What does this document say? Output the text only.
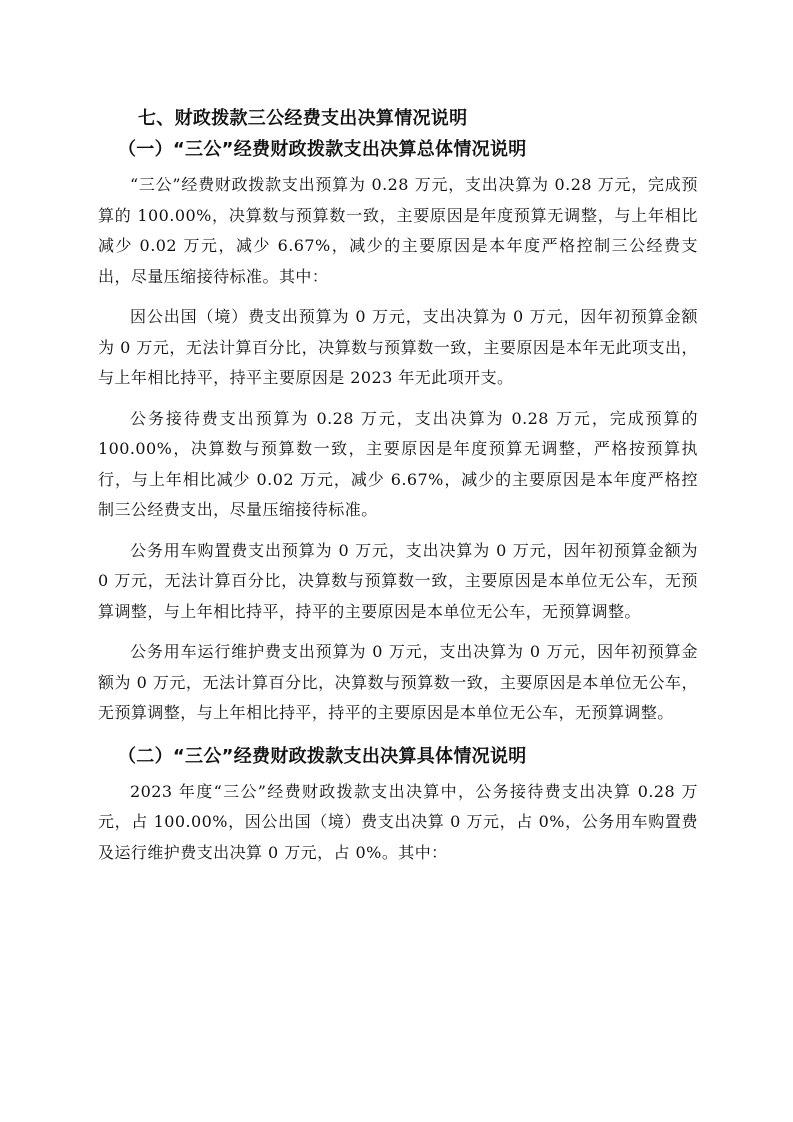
七、财政拨款三公经费支出决算情况说明
（一）“三公”经费财政拨款支出决算总体情况说明

“三公”经费财政拨款支出预算为 0.28 万元，支出决算为 0.28 万元，完成预算的 100.00%，决算数与预算数一致，主要原因是年度预算无调整，与上年相比减少 0.02 万元，减少 6.67%，减少的主要原因是本年度严格控制三公经费支出，尽量压缩接待标准。其中：

因公出国（境）费支出预算为 0 万元，支出决算为 0 万元，因年初预算金额为 0 万元，无法计算百分比，决算数与预算数一致，主要原因是本年无此项支出，与上年相比持平，持平主要原因是 2023 年无此项开支。

公务接待费支出预算为 0.28 万元，支出决算为 0.28 万元，完成预算的 100.00%，决算数与预算数一致，主要原因是年度预算无调整，严格按预算执行，与上年相比减少 0.02 万元，减少 6.67%，减少的主要原因是本年度严格控制三公经费支出，尽量压缩接待标准。

公务用车购置费支出预算为 0 万元，支出决算为 0 万元，因年初预算金额为 0 万元，无法计算百分比，决算数与预算数一致，主要原因是本单位无公车，无预算调整，与上年相比持平，持平的主要原因是本单位无公车，无预算调整。

公务用车运行维护费支出预算为 0 万元，支出决算为 0 万元，因年初预算金额为 0 万元，无法计算百分比，决算数与预算数一致，主要原因是本单位无公车，无预算调整，与上年相比持平，持平的主要原因是本单位无公车，无预算调整。

（二）“三公”经费财政拨款支出决算具体情况说明

2023 年度“三公”经费财政拨款支出决算中，公务接待费支出决算 0.28 万元，占 100.00%，因公出国（境）费支出决算 0 万元，占 0%，公务用车购置费及运行维护费支出决算 0 万元，占 0%。其中：
